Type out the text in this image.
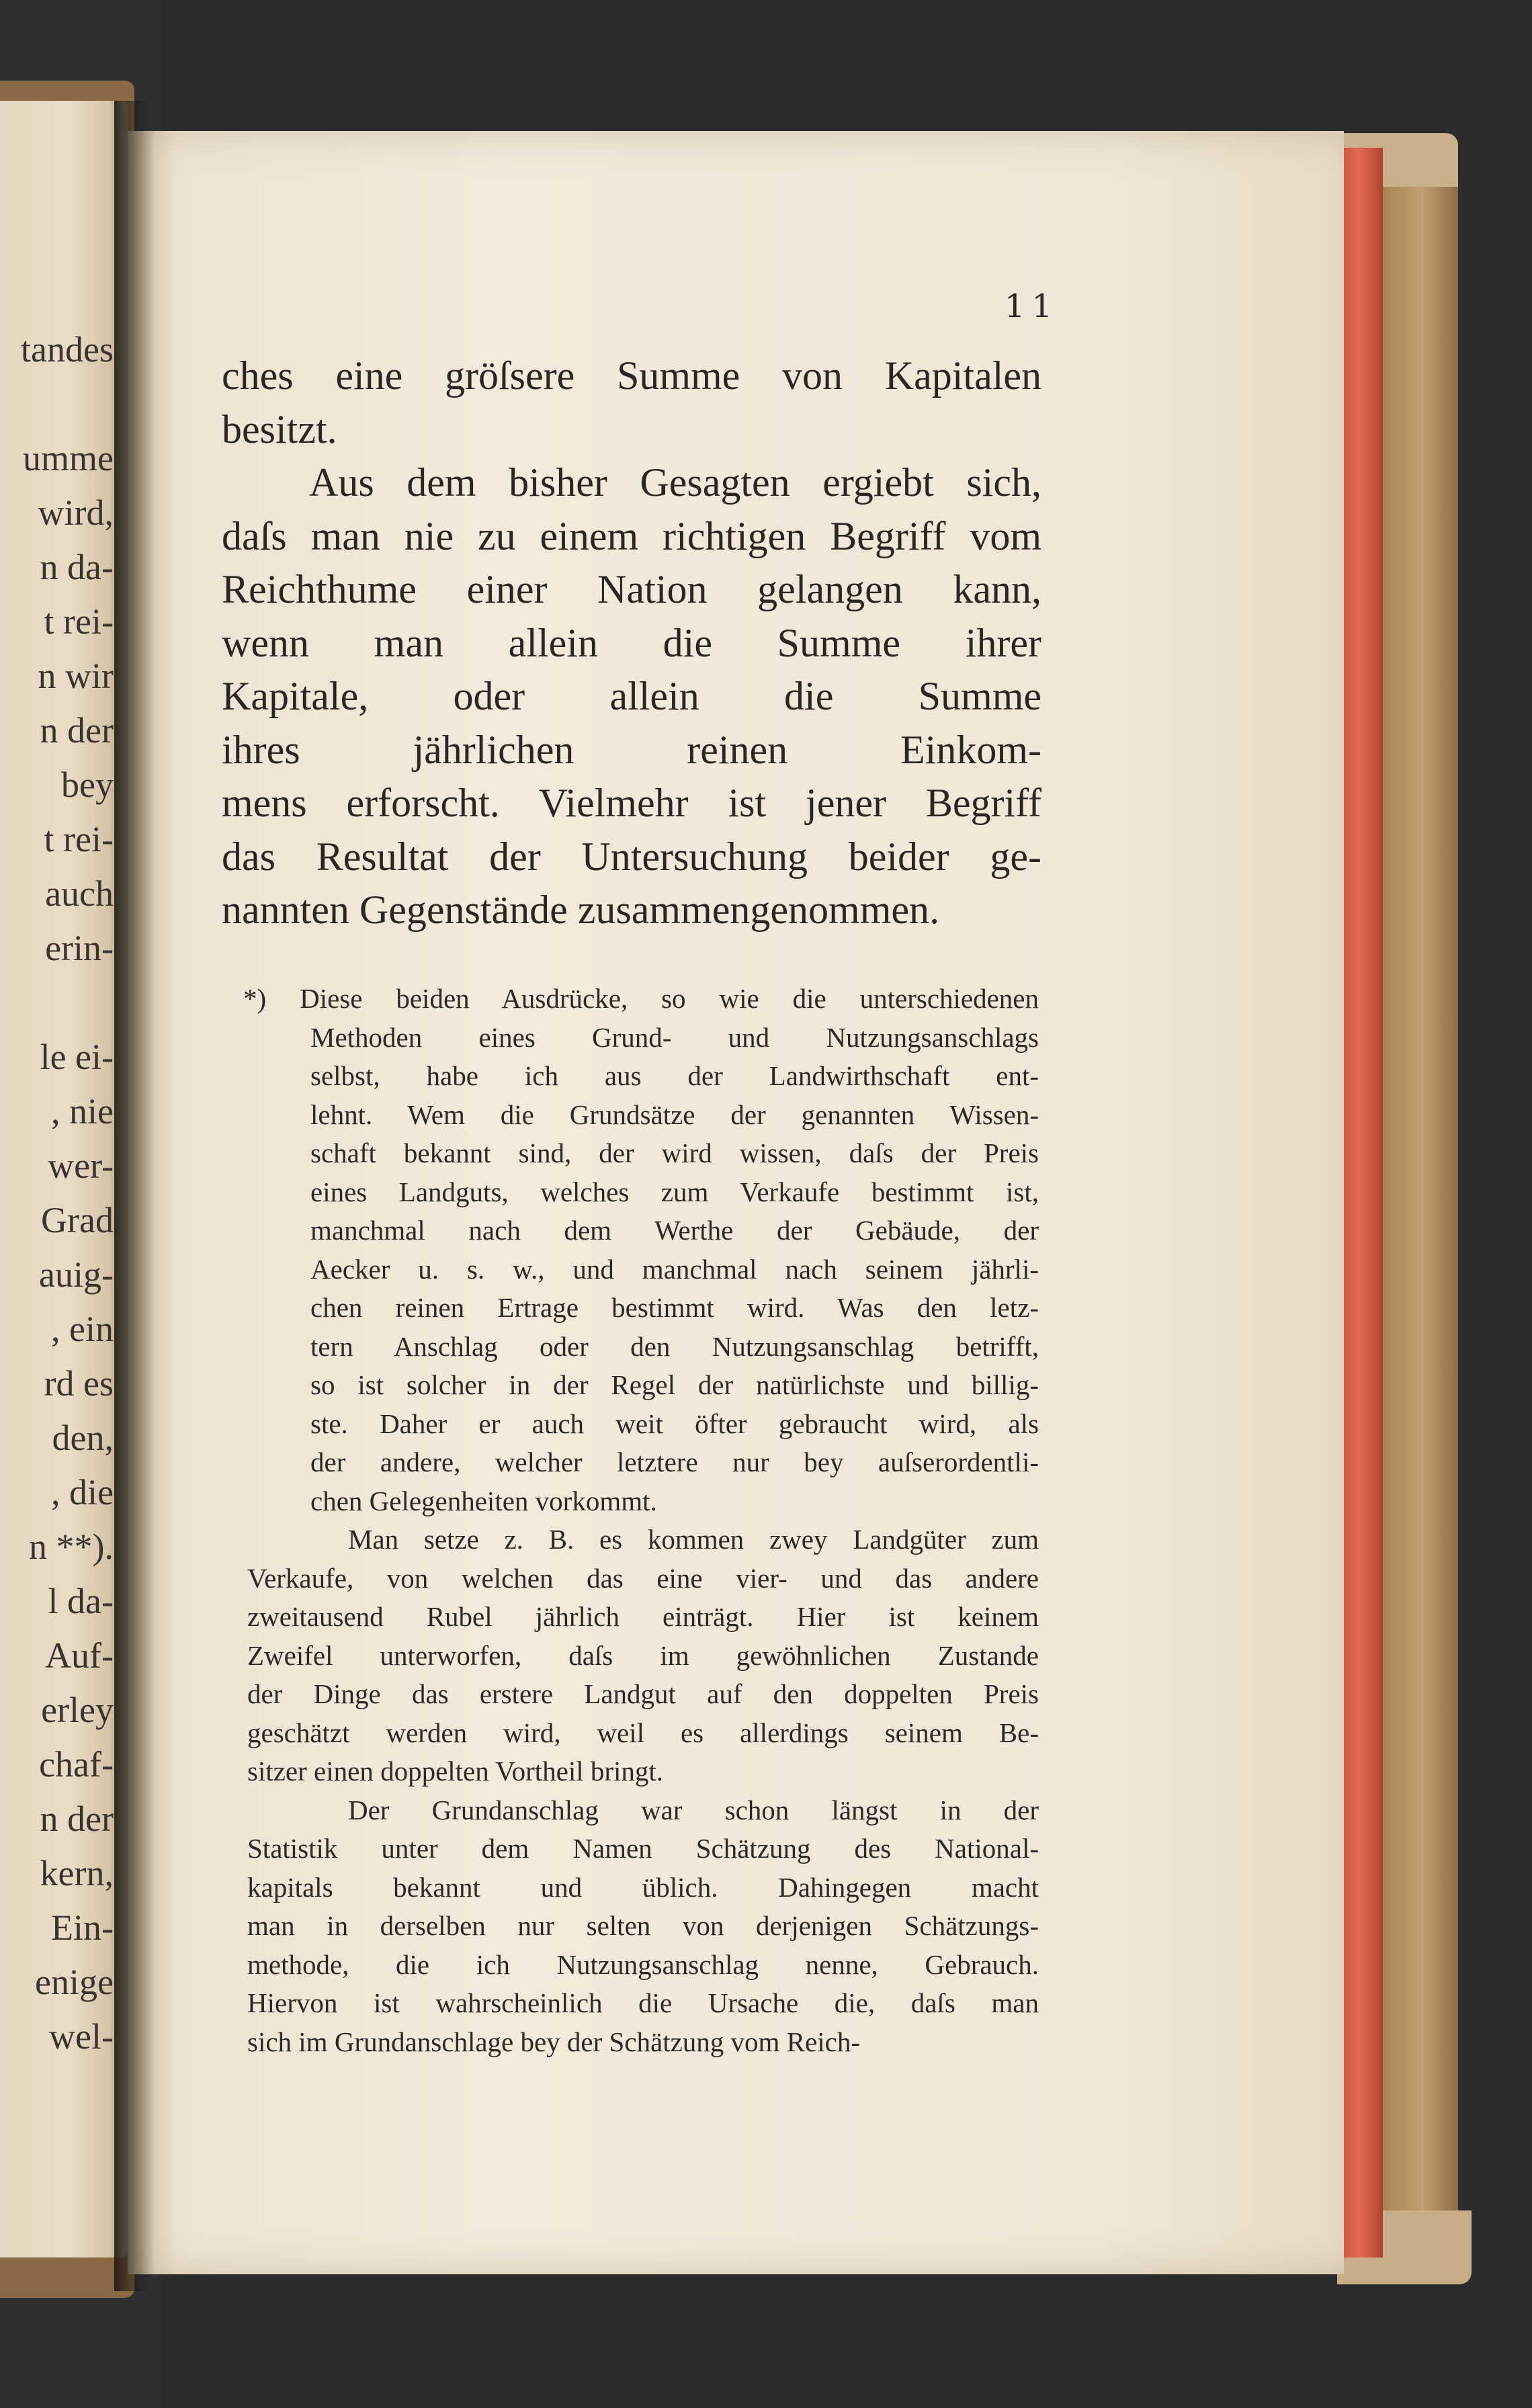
tandes
umme
wird,
n da-
t rei-
n wir
n der
bey
t rei-
auch
erin-
le ei-
, nie
wer-
Grad
auig-
, ein
rd es
den,
, die
n **).
l da-
Auf-
erley
chaf-
n der
kern,
Ein-
enige
wel-
11
ches eine gröſsere Summe von Kapitalen
besitzt.
Aus dem bisher Gesagten ergiebt sich,
daſs man nie zu einem richtigen Begriff vom
Reichthume einer Nation gelangen kann,
wenn man allein die Summe ihrer
Kapitale, oder allein die Summe
ihres jährlichen reinen Einkom-
mens erforscht. Vielmehr ist jener Begriff
das Resultat der Untersuchung beider ge-
nannten Gegenstände zusammengenommen.
*) Diese beiden Ausdrücke, so wie die unterschiedenen
Methoden eines Grund- und Nutzungsanschlags
selbst, habe ich aus der Landwirthschaft ent-
lehnt. Wem die Grundsätze der genannten Wissen-
schaft bekannt sind, der wird wissen, daſs der Preis
eines Landguts, welches zum Verkaufe bestimmt ist,
manchmal nach dem Werthe der Gebäude, der
Aecker u. s. w., und manchmal nach seinem jährli-
chen reinen Ertrage bestimmt wird. Was den letz-
tern Anschlag oder den Nutzungsanschlag betrifft,
so ist solcher in der Regel der natürlichste und billig-
ste. Daher er auch weit öfter gebraucht wird, als
der andere, welcher letztere nur bey auſserordentli-
chen Gelegenheiten vorkommt.
Man setze z. B. es kommen zwey Landgüter zum
Verkaufe, von welchen das eine vier- und das andere
zweitausend Rubel jährlich einträgt. Hier ist keinem
Zweifel unterworfen, daſs im gewöhnlichen Zustande
der Dinge das erstere Landgut auf den doppelten Preis
geschätzt werden wird, weil es allerdings seinem Be-
sitzer einen doppelten Vortheil bringt.
Der Grundanschlag war schon längst in der
Statistik unter dem Namen Schätzung des National-
kapitals bekannt und üblich. Dahingegen macht
man in derselben nur selten von derjenigen Schätzungs-
methode, die ich Nutzungsanschlag nenne, Gebrauch.
Hiervon ist wahrscheinlich die Ursache die, daſs man
sich im Grundanschlage bey der Schätzung vom Reich-
